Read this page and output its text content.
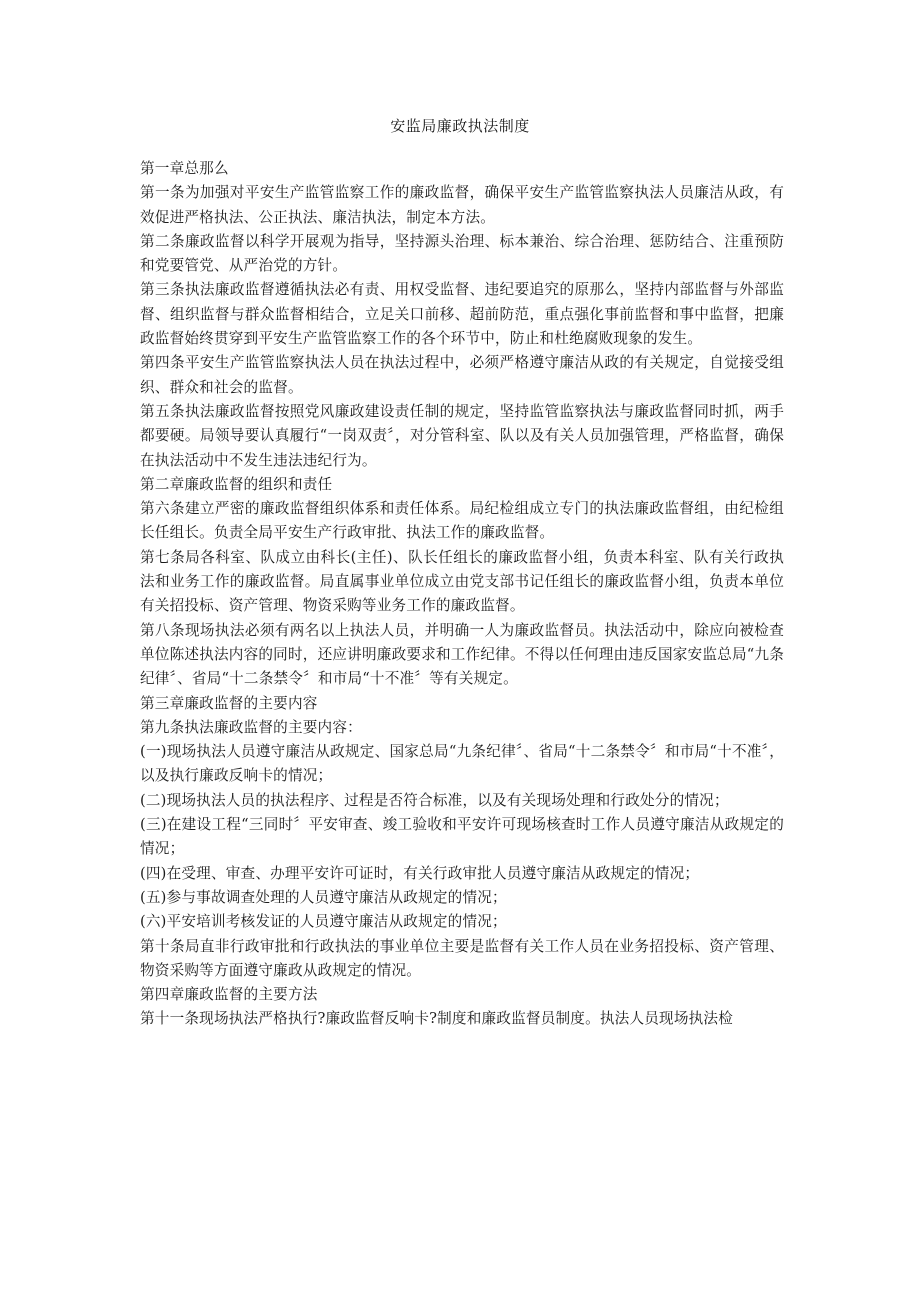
安监局廉政执法制度

第一章总那么

第一条为加强对平安生产监管监察工作的廉政监督，确保平安生产监管监察执法人员廉洁从政，有效促进严格执法、公正执法、廉洁执法，制定本方法。

第二条廉政监督以科学开展观为指导，坚持源头治理、标本兼治、综合治理、惩防结合、注重预防和党要管党、从严治党的方针。

第三条执法廉政监督遵循执法必有责、用权受监督、违纪要追究的原那么，坚持内部监督与外部监督、组织监督与群众监督相结合，立足关口前移、超前防范，重点强化事前监督和事中监督，把廉政监督始终贯穿到平安生产监管监察工作的各个环节中，防止和杜绝腐败现象的发生。

第四条平安生产监管监察执法人员在执法过程中，必须严格遵守廉洁从政的有关规定，自觉接受组织、群众和社会的监督。

第五条执法廉政监督按照党风廉政建设责任制的规定，坚持监管监察执法与廉政监督同时抓，两手都要硬。局领导要认真履行“一岗双责〞，对分管科室、队以及有关人员加强管理，严格监督，确保在执法活动中不发生违法违纪行为。

第二章廉政监督的组织和责任

第六条建立严密的廉政监督组织体系和责任体系。局纪检组成立专门的执法廉政监督组，由纪检组长任组长。负责全局平安生产行政审批、执法工作的廉政监督。

第七条局各科室、队成立由科长(主任)、队长任组长的廉政监督小组，负责本科室、队有关行政执法和业务工作的廉政监督。局直属事业单位成立由党支部书记任组长的廉政监督小组，负责本单位有关招投标、资产管理、物资采购等业务工作的廉政监督。

第八条现场执法必须有两名以上执法人员，并明确一人为廉政监督员。执法活动中，除应向被检查单位陈述执法内容的同时，还应讲明廉政要求和工作纪律。不得以任何理由违反国家安监总局“九条纪律〞、省局“十二条禁令〞和市局“十不准〞等有关规定。

第三章廉政监督的主要内容

第九条执法廉政监督的主要内容：

(一)现场执法人员遵守廉洁从政规定、国家总局“九条纪律〞、省局“十二条禁令〞和市局“十不准〞，以及执行廉政反响卡的情况；

(二)现场执法人员的执法程序、过程是否符合标准，以及有关现场处理和行政处分的情况；

(三)在建设工程“三同时〞平安审查、竣工验收和平安许可现场核查时工作人员遵守廉洁从政规定的情况；

(四)在受理、审查、办理平安许可证时，有关行政审批人员遵守廉洁从政规定的情况；

(五)参与事故调查处理的人员遵守廉洁从政规定的情况；

(六)平安培训考核发证的人员遵守廉洁从政规定的情况；

第十条局直非行政审批和行政执法的事业单位主要是监督有关工作人员在业务招投标、资产管理、物资采购等方面遵守廉政从政规定的情况。

第四章廉政监督的主要方法

第十一条现场执法严格执行?廉政监督反响卡?制度和廉政监督员制度。执法人员现场执法检
